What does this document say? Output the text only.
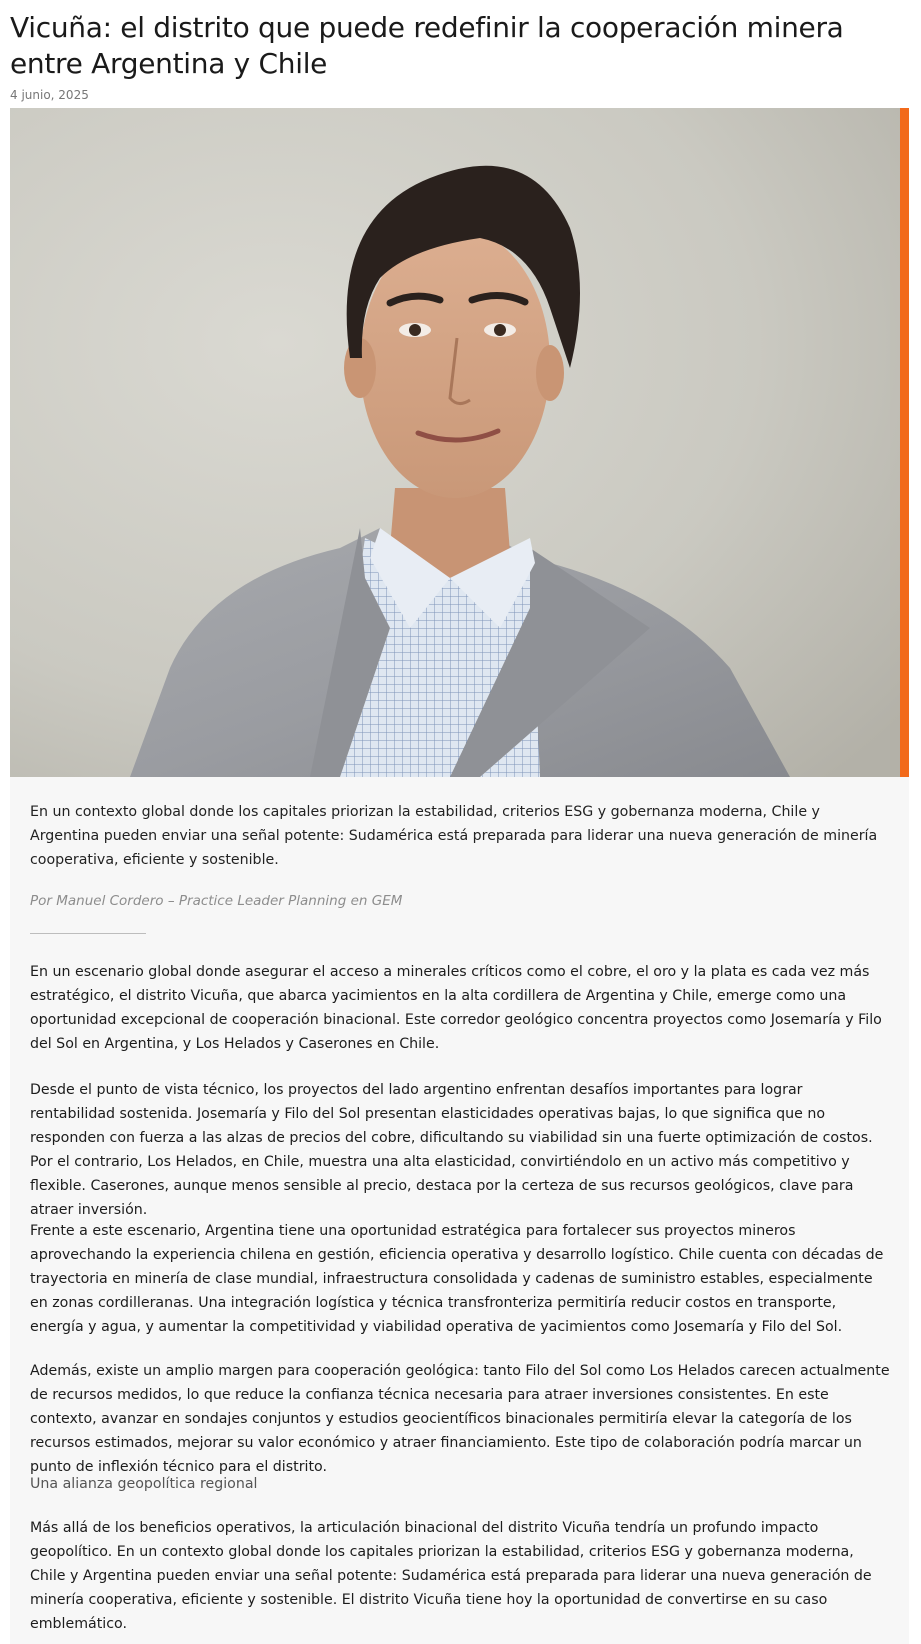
Vicuña: el distrito que puede redefinir la cooperación minera entre Argentina y Chile
4 junio, 2025

En un contexto global donde los capitales priorizan la estabilidad, criterios ESG y gobernanza moderna, Chile y Argentina pueden enviar una señal potente: Sudamérica está preparada para liderar una nueva generación de minería cooperativa, eficiente y sostenible.

Por Manuel Cordero – Practice Leader Planning en GEM

En un escenario global donde asegurar el acceso a minerales críticos como el cobre, el oro y la plata es cada vez más estratégico, el distrito Vicuña, que abarca yacimientos en la alta cordillera de Argentina y Chile, emerge como una oportunidad excepcional de cooperación binacional. Este corredor geológico concentra proyectos como Josemaría y Filo del Sol en Argentina, y Los Helados y Caserones en Chile.

Desde el punto de vista técnico, los proyectos del lado argentino enfrentan desafíos importantes para lograr rentabilidad sostenida. Josemaría y Filo del Sol presentan elasticidades operativas bajas, lo que significa que no responden con fuerza a las alzas de precios del cobre, dificultando su viabilidad sin una fuerte optimización de costos. Por el contrario, Los Helados, en Chile, muestra una alta elasticidad, convirtiéndolo en un activo más competitivo y flexible. Caserones, aunque menos sensible al precio, destaca por la certeza de sus recursos geológicos, clave para atraer inversión.

Frente a este escenario, Argentina tiene una oportunidad estratégica para fortalecer sus proyectos mineros aprovechando la experiencia chilena en gestión, eficiencia operativa y desarrollo logístico. Chile cuenta con décadas de trayectoria en minería de clase mundial, infraestructura consolidada y cadenas de suministro estables, especialmente en zonas cordilleranas. Una integración logística y técnica transfronteriza permitiría reducir costos en transporte, energía y agua, y aumentar la competitividad y viabilidad operativa de yacimientos como Josemaría y Filo del Sol.

Además, existe un amplio margen para cooperación geológica: tanto Filo del Sol como Los Helados carecen actualmente de recursos medidos, lo que reduce la confianza técnica necesaria para atraer inversiones consistentes. En este contexto, avanzar en sondajes conjuntos y estudios geocientíficos binacionales permitiría elevar la categoría de los recursos estimados, mejorar su valor económico y atraer financiamiento. Este tipo de colaboración podría marcar un punto de inflexión técnico para el distrito.

Una alianza geopolítica regional

Más allá de los beneficios operativos, la articulación binacional del distrito Vicuña tendría un profundo impacto geopolítico. En un contexto global donde los capitales priorizan la estabilidad, criterios ESG y gobernanza moderna, Chile y Argentina pueden enviar una señal potente: Sudamérica está preparada para liderar una nueva generación de minería cooperativa, eficiente y sostenible. El distrito Vicuña tiene hoy la oportunidad de convertirse en su caso emblemático.
